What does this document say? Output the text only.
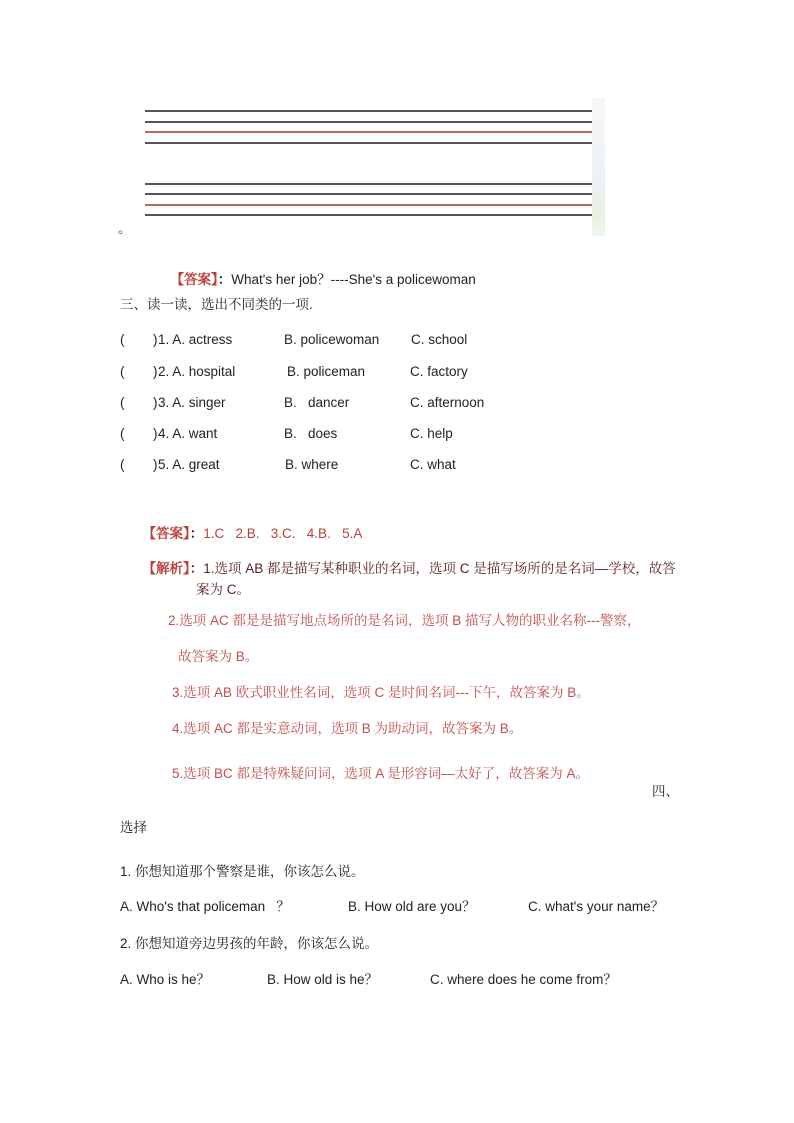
。

【答案】：What's her job？----She's a policewoman

三、读一读，选出不同类的一项.
( ) 1. A. actress	B. policewoman C. school
( ) 2. A. hospital	B. policeman	C. factory
( ) 3. A. singer	B.   dancer	C. afternoon
( ) 4. A. want	B.   does	C. help
( ) 5. A. great	B. where	C. what

【答案】：1.C   2.B.   3.C.   4.B.   5.A

【解析】：1.选项 AB 都是描写某种职业的名词，选项 C 是描写场所的是名词—学校，故答

案为 C。
2.选项 AC 都是是描写地点场所的是名词，选项 B 描写人物的职业名称---警察，
故答案为 B。
3.选项 AB 欧式职业性名词，选项 C 是时间名词---下午，故答案为 B。
4.选项 AC 都是实意动词，选项 B 为助动词，故答案为 B。
5.选项 BC 都是特殊疑问词，选项 A 是形容词—太好了，故答案为 A。
四、
选择
1. 你想知道那个警察是谁，你该怎么说。
A. Who's that policeman   ？	B. How old are you？	C. what's your name？
2. 你想知道旁边男孩的年龄，你该怎么说。
A. Who is he？	B. How old is he？	C. where does he come from？
